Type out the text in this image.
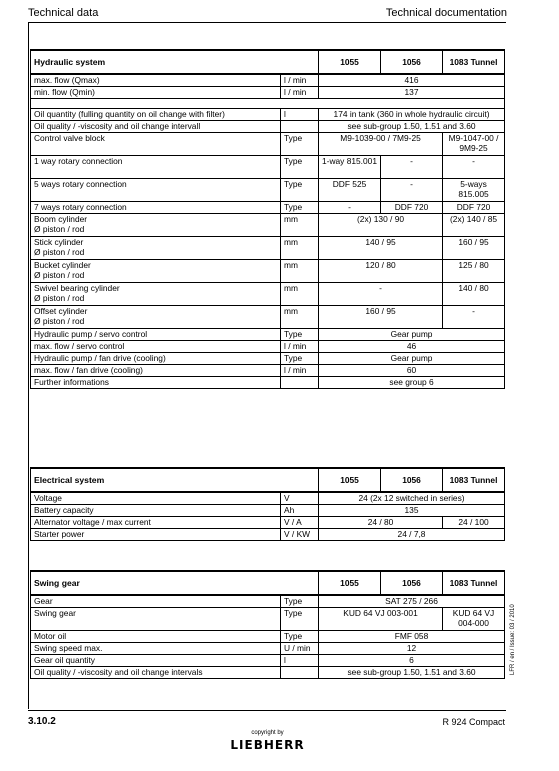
Technical data	Technical documentation
Hydraulic system		1055	1056	1083 Tunnel
max. flow (Qmax)	l / min	416		
min. flow (Qmin)	l / min	137		

Oil quantity (fulling quantity on oil change with filter)	l	174 in tank (360 in whole hydraulic circuit)		
Oil quality / -viscosity and oil change intervall		see sub-group 1.50, 1.51 and 3.60		
Control valve block	Type	M9-1039-00 / 7M9-25		M9-1047-00 / 9M9-25
1 way rotary connection	Type	1-way 815.001	-	-
5 ways rotary connection	Type	DDF 525	-	5-ways 815.005
7 ways rotary connection	Type	-	DDF 720	DDF 720
Boom cylinder
Ø piston / rod	mm	(2x) 130 / 90		(2x) 140 / 85
Stick cylinder
Ø piston / rod	mm	140 / 95		160 / 95
Bucket cylinder
Ø piston / rod	mm	120 / 80		125 / 80
Swivel bearing cylinder
Ø piston / rod	mm	-		140 / 80
Offset cylinder
Ø piston / rod	mm	160 / 95		-
Hydraulic pump / servo control	Type	Gear pump		
max. flow / servo control	l / min	46		
Hydraulic pump / fan drive (cooling)	Type	Gear pump		
max. flow / fan drive (cooling)	l / min	60		
Further informations		see group 6		
Electrical system		1055	1056	1083 Tunnel
Voltage	V	24 (2x 12 switched in series)		
Battery capacity	Ah	135		
Alternator voltage / max current	V / A	24 / 80		24 / 100
Starter power	V / KW	24 / 7,8		
Swing gear		1055	1056	1083 Tunnel
Gear	Type	SAT 275 / 266		
Swing gear	Type	KUD 64 VJ 003-001		KUD 64 VJ 004-000
Motor oil	Type	FMF 058		
Swing speed max.	U / min	12		
Gear oil quantity	l	6		
Oil quality / -viscosity and oil change intervals		see sub-group 1.50, 1.51 and 3.60			LFR / en / Issue: 03 / 2010
3.10.2	R 924 Compact
copyright by
LIEBHERR
